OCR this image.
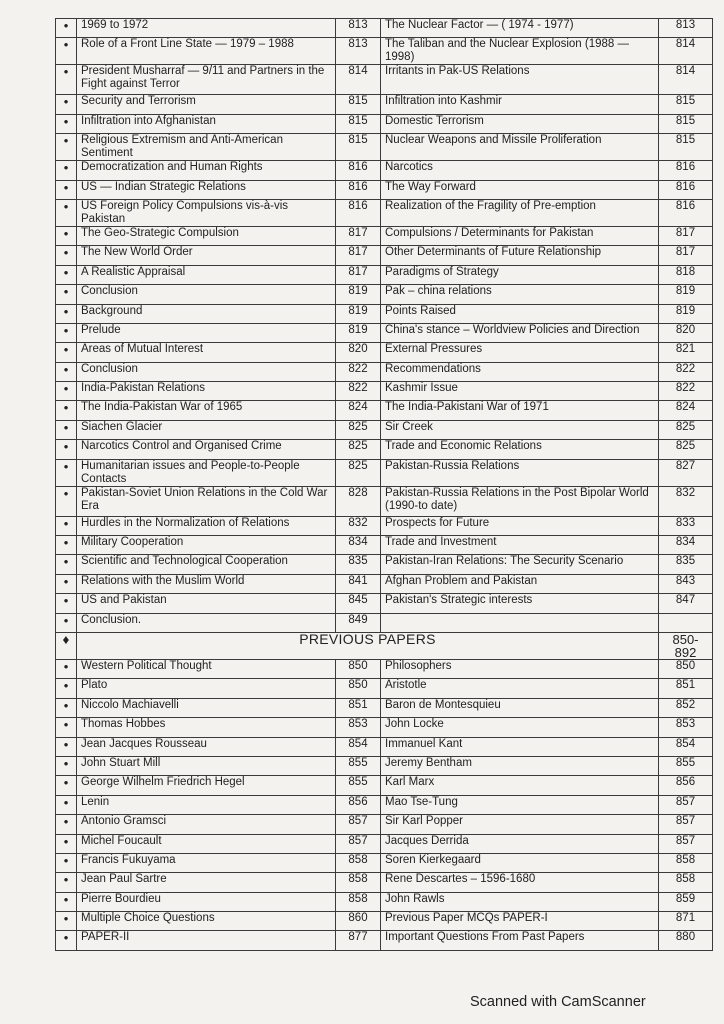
•	1969 to 1972	813	The Nuclear Factor — ( 1974 - 1977)	813
•	Role of a Front Line State — 1979 – 1988	813	The Taliban and the Nuclear Explosion (1988 — 1998)	814
•	President Musharraf — 9/11 and Partners in the Fight against Terror	814	Irritants in Pak-US Relations	814
•	Security and Terrorism	815	Infiltration into Kashmir	815
•	Infiltration into Afghanistan	815	Domestic Terrorism	815
•	Religious Extremism and Anti-American Sentiment	815	Nuclear Weapons and Missile Proliferation	815
•	Democratization and Human Rights	816	Narcotics	816
•	US — Indian Strategic Relations	816	The Way Forward	816
•	US Foreign Policy Compulsions vis-à-vis Pakistan	816	Realization of the Fragility of Pre-emption	816
•	The Geo-Strategic Compulsion	817	Compulsions / Determinants for Pakistan	817
•	The New World Order	817	Other Determinants of Future Relationship	817
•	A Realistic Appraisal	817	Paradigms of Strategy	818
•	Conclusion	819	Pak – china relations	819
•	Background	819	Points Raised	819
•	Prelude	819	China's stance – Worldview Policies and Direction	820
•	Areas of Mutual Interest	820	External Pressures	821
•	Conclusion	822	Recommendations	822
•	India-Pakistan Relations	822	Kashmir Issue	822
•	The India-Pakistan War of 1965	824	The India-Pakistani War of 1971	824
•	Siachen Glacier	825	Sir Creek	825
•	Narcotics Control and Organised Crime	825	Trade and Economic Relations	825
•	Humanitarian issues and People-to-People Contacts	825	Pakistan-Russia Relations	827
•	Pakistan-Soviet Union Relations in the Cold War Era	828	Pakistan-Russia Relations in the Post Bipolar World (1990-to date)	832
•	Hurdles in the Normalization of Relations	832	Prospects for Future	833
•	Military Cooperation	834	Trade and Investment	834
•	Scientific and Technological Cooperation	835	Pakistan-Iran Relations: The Security Scenario	835
•	Relations with the Muslim World	841	Afghan Problem and Pakistan	843
•	US and Pakistan	845	Pakistan's Strategic interests	847
•	Conclusion.	849		
♦	PREVIOUS PAPERS			850-892
•	Western Political Thought	850	Philosophers	850
•	Plato	850	Aristotle	851
•	Niccolo Machiavelli	851	Baron de Montesquieu	852
•	Thomas Hobbes	853	John Locke	853
•	Jean Jacques Rousseau	854	Immanuel Kant	854
•	John Stuart Mill	855	Jeremy Bentham	855
•	George Wilhelm Friedrich Hegel	855	Karl Marx	856
•	Lenin	856	Mao Tse-Tung	857
•	Antonio Gramsci	857	Sir Karl Popper	857
•	Michel Foucault	857	Jacques Derrida	857
•	Francis Fukuyama	858	Soren Kierkegaard	858
•	Jean Paul Sartre	858	Rene Descartes – 1596-1680	858
•	Pierre Bourdieu	858	John Rawls	859
•	Multiple Choice Questions	860	Previous Paper MCQs PAPER-I	871
•	PAPER-II	877	Important Questions From Past Papers	880
Scanned with CamScanner
